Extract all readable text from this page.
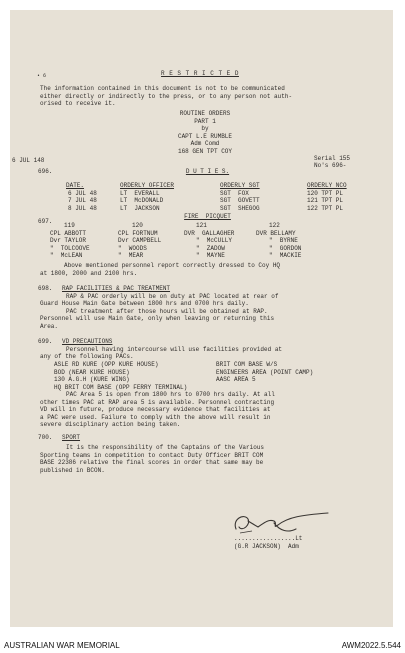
• 6	R E S T R I C T E D
The information contained in this document is not to be communicated
either directly or indirectly to the press, or to any person not auth-
orised to receive it.
ROUTINE ORDERS
PART 1
by
CAPT L.E RUMBLE
Adm Comd
168 GEN TPT COY
Serial 155
No's 696-
6 JUL 148
696.	D U T I E S.
DATE.	ORDERLY OFFICER	ORDERLY SGT	ORDERLY NCO
6 JUL 48	LT  EVERALL	SGT  FOX	120 TPT PL
7 JUL 48	LT  McDONALD	SGT  GOVETT	121 TPT PL
8 JUL 48	LT  JACKSON	SGT  SHEGOG	122 TPT PL
697.
FIRE  PICQUET
119	120	121	122
CPL ABBOTT	CPL FORTNUM	DVR  GALLAGHER	DVR BELLAMY
Dvr TAYLOR	Dvr CAMPBELL	"  McCULLY	"  BYRNE
"  TOLCOOVE	"  WOODS	"  ZADOW	"  GORDON
"  McLEAN	"  MEAR	"  MAYNE	"  MACKIE
Above mentioned personnel report correctly dressed to Coy HQ
at 1800, 2000 and 2100 hrs.
698. RAP FACILITIES & PAC TREATMENT
RAP & PAC orderly will be on duty at PAC located at rear of
Guard House Main Gate between 1800 hrs and 0700 hrs daily.
PAC treatment after those hours will be obtained at RAP.
Personnel will use Main Gate, only when leaving or returning this
Area.
699. VD PRECAUTIONS
Personnel having intercourse will use facilities provided at
any of the following PACs.
ASLE RD KURE (OPP KURE HOUSE)
BOD (NEAR KURE HOUSE)
130 A.G.H (KURE WING)
HQ BRIT COM BASE (OPP FERRY TERMINAL)
BRIT COM BASE W/S
ENGINEERS AREA (POINT CAMP)
AASC AREA 5
PAC Area 5 is open from 1800 hrs to 0700 hrs daily. At all
other times PAC at RAP area 5 is available. Personnel contracting
VD will in future, produce necessary evidence that facilities at
a PAC were used. Failure to comply with the above will result in
severe disciplinary action being taken.
700. SPORT
It is the responsibility of the Captains of the Various
Sporting teams in competition to contact Duty Officer BRIT COM
BASE 22386 relative the final scores in order that same may be
published in BCON.
.................Lt
(G.R JACKSON)  Adm
AUSTRALIAN WAR MEMORIAL	AWM2022.5.544
